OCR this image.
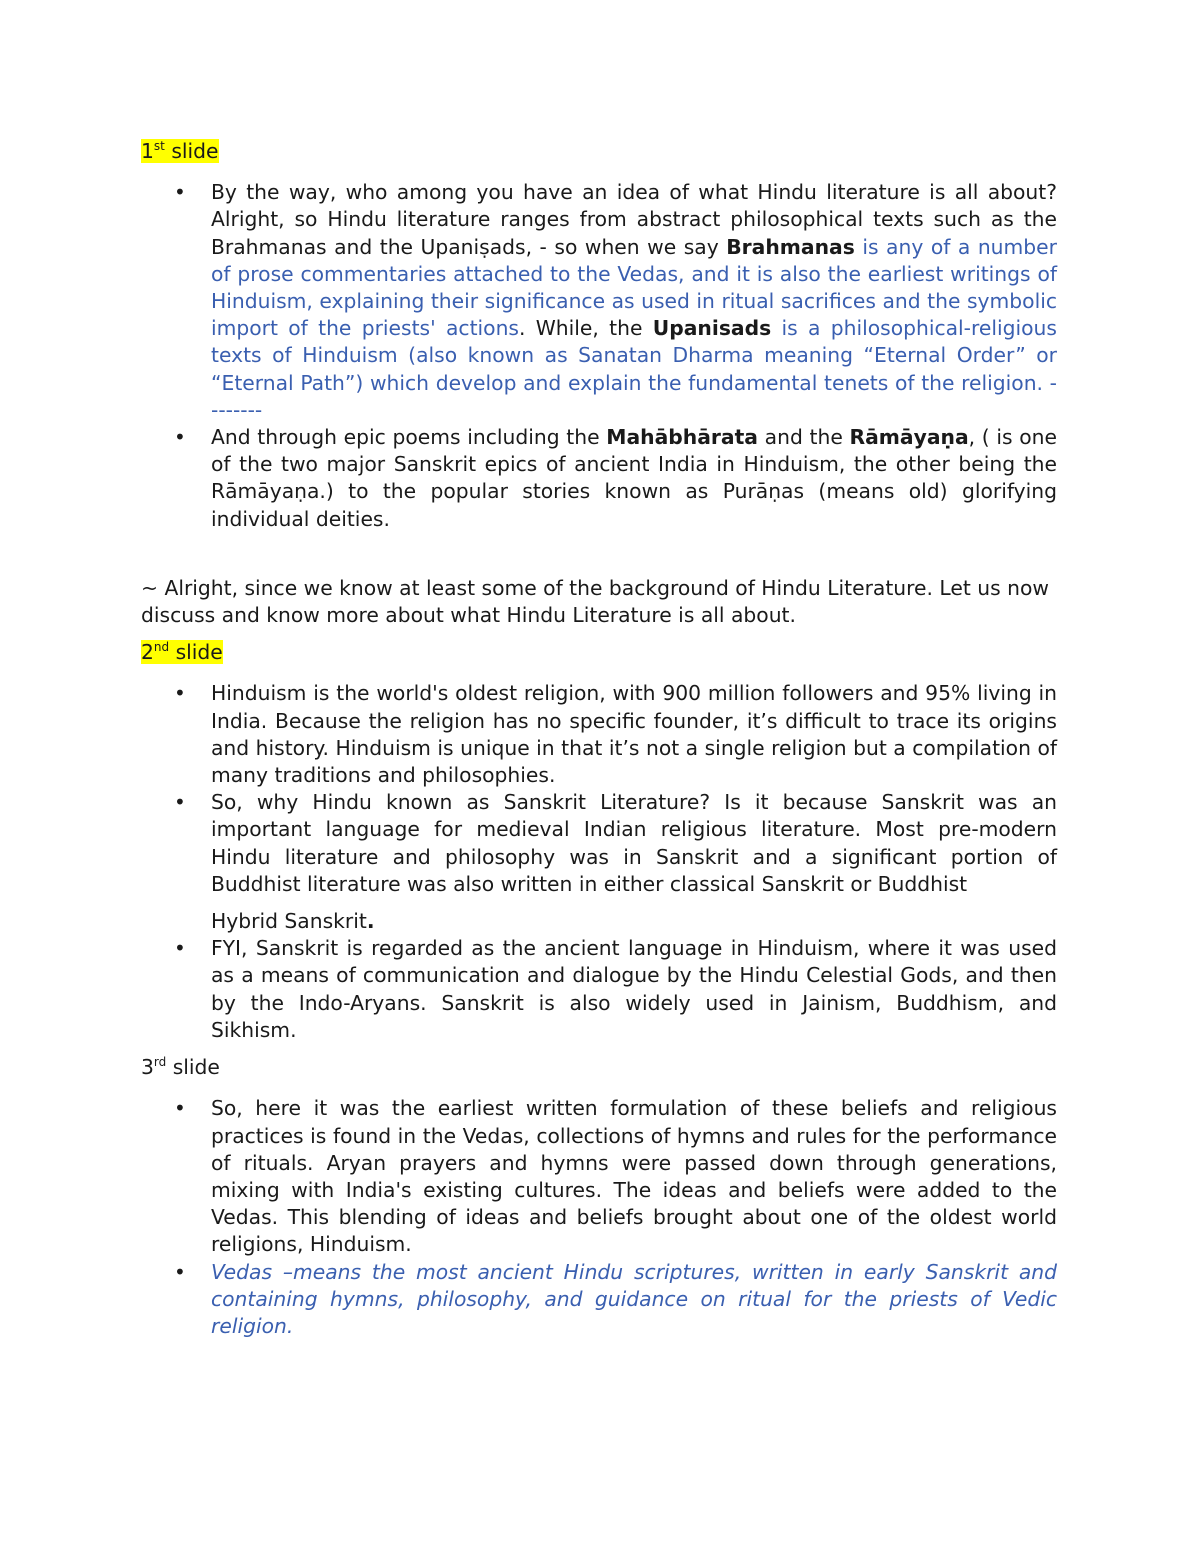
1st slide
• By the way, who among you have an idea of what Hindu literature is all about? Alright, so Hindu literature ranges from abstract philosophical texts such as the Brahmanas and the Upaniṣads, - so when we say Brahmanas is any of a number of prose commentaries attached to the Vedas, and it is also the earliest writings of Hinduism, explaining their significance as used in ritual sacrifices and the symbolic import of the priests' actions. While, the Upanisads is a philosophical-religious texts of Hinduism (also known as Sanatan Dharma meaning “Eternal Order” or “Eternal Path”) which develop and explain the fundamental tenets of the religion. --------
• And through epic poems including the Mahābhārata and the Rāmāyaṇa, ( is one of the two major Sanskrit epics of ancient India in Hinduism, the other being the Rāmāyaṇa.) to the popular stories known as Purāṇas (means old) glorifying individual deities.

~ Alright, since we know at least some of the background of Hindu Literature. Let us now discuss and know more about what Hindu Literature is all about.

2nd slide
• Hinduism is the world's oldest religion, with 900 million followers and 95% living in India. Because the religion has no specific founder, it’s difficult to trace its origins and history. Hinduism is unique in that it’s not a single religion but a compilation of many traditions and philosophies.
• So, why Hindu known as Sanskrit Literature? Is it because Sanskrit was an important language for medieval Indian religious literature. Most pre-modern Hindu literature and philosophy was in Sanskrit and a significant portion of Buddhist literature was also written in either classical Sanskrit or Buddhist
Hybrid Sanskrit.
• FYI, Sanskrit is regarded as the ancient language in Hinduism, where it was used as a means of communication and dialogue by the Hindu Celestial Gods, and then by the Indo-Aryans. Sanskrit is also widely used in Jainism, Buddhism, and Sikhism.
3rd slide
• So, here it was the earliest written formulation of these beliefs and religious practices is found in the Vedas, collections of hymns and rules for the performance of rituals. Aryan prayers and hymns were passed down through generations, mixing with India's existing cultures. The ideas and beliefs were added to the Vedas. This blending of ideas and beliefs brought about one of the oldest world religions, Hinduism.
• Vedas –means the most ancient Hindu scriptures, written in early Sanskrit and containing hymns, philosophy, and guidance on ritual for the priests of Vedic religion.
